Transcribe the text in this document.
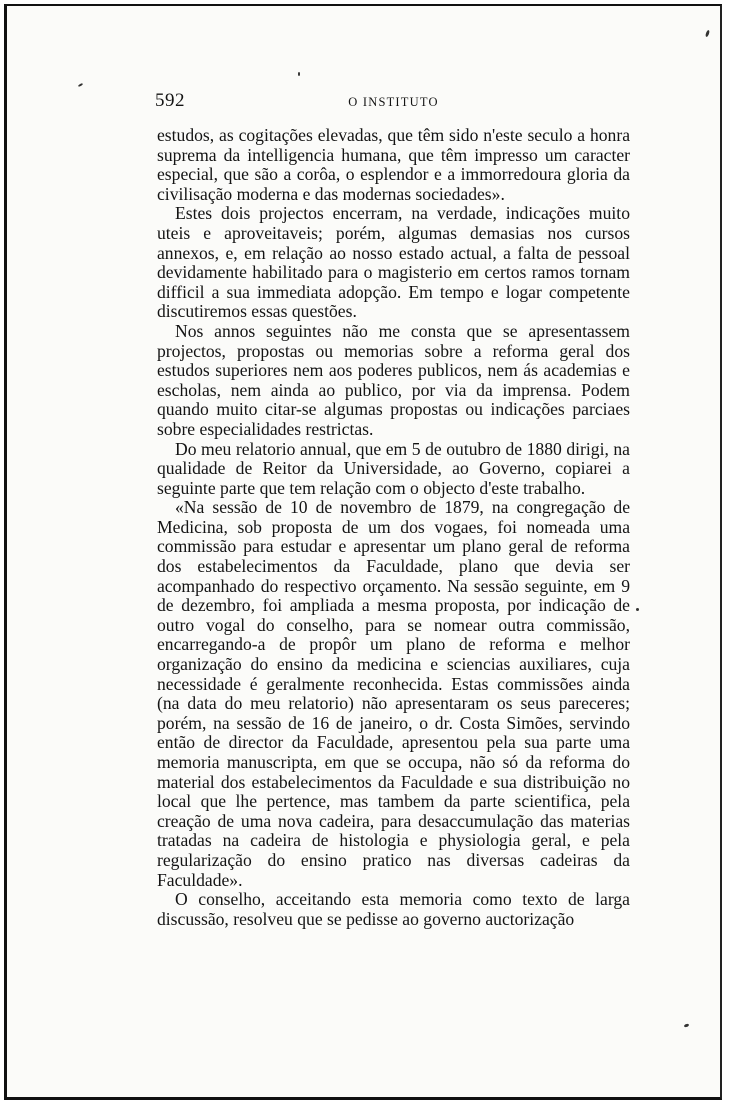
592	O INSTITUTO

estudos, as cogitações elevadas, que têm sido n'este seculo a honra suprema da intelligencia humana, que têm impresso um caracter especial, que são a corôa, o esplendor e a immorredoura gloria da civilisação moderna e das modernas sociedades».

Estes dois projectos encerram, na verdade, indicações muito uteis e aproveitaveis; porém, algumas demasias nos cursos annexos, e, em relação ao nosso estado actual, a falta de pessoal devidamente habilitado para o magisterio em certos ramos tornam difficil a sua immediata adopção. Em tempo e logar competente discutiremos essas questões.

Nos annos seguintes não me consta que se apresentassem projectos, propostas ou memorias sobre a reforma geral dos estudos superiores nem aos poderes publicos, nem ás academias e escholas, nem ainda ao publico, por via da imprensa. Podem quando muito citar-se algumas propostas ou indicações parciaes sobre especialidades restrictas.

Do meu relatorio annual, que em 5 de outubro de 1880 dirigi, na qualidade de Reitor da Universidade, ao Governo, copiarei a seguinte parte que tem relação com o objecto d'este trabalho.

«Na sessão de 10 de novembro de 1879, na congregação de Medicina, sob proposta de um dos vogaes, foi nomeada uma commissão para estudar e apresentar um plano geral de reforma dos estabelecimentos da Faculdade, plano que devia ser acompanhado do respectivo orçamento. Na sessão seguinte, em 9 de dezembro, foi ampliada a mesma proposta, por indicação de outro vogal do conselho, para se nomear outra commissão, encarregando-a de propôr um plano de reforma e melhor organização do ensino da medicina e sciencias auxiliares, cuja necessidade é geralmente reconhecida. Estas commissões ainda (na data do meu relatorio) não apresentaram os seus pareceres; porém, na sessão de 16 de janeiro, o dr. Costa Simões, servindo então de director da Faculdade, apresentou pela sua parte uma memoria manuscripta, em que se occupa, não só da reforma do material dos estabelecimentos da Faculdade e sua distribuição no local que lhe pertence, mas tambem da parte scientifica, pela creação de uma nova cadeira, para desaccumulação das materias tratadas na cadeira de histologia e physiologia geral, e pela regularização do ensino pratico nas diversas cadeiras da Faculdade».

O conselho, acceitando esta memoria como texto de larga discussão, resolveu que se pedisse ao governo auctorização
